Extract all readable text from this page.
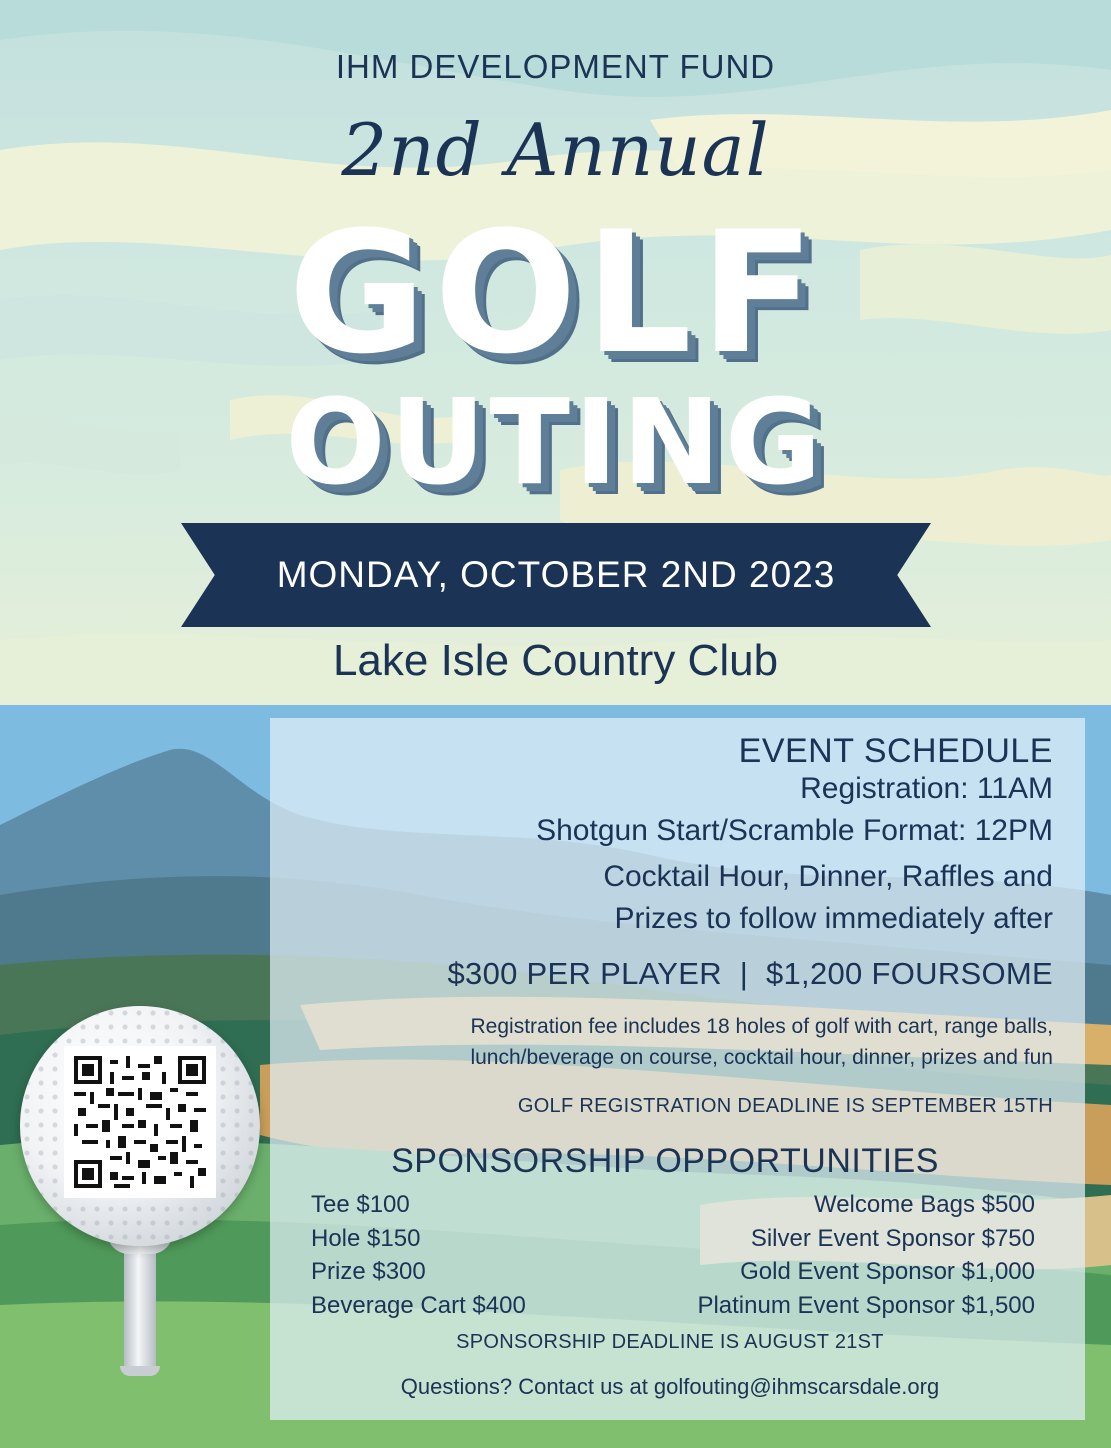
IHM DEVELOPMENT FUND
2nd Annual
GOLF
OUTING
MONDAY, OCTOBER 2ND 2023
Lake Isle Country Club
EVENT SCHEDULE
Registration: 11AM
Shotgun Start/Scramble Format: 12PM
Cocktail Hour, Dinner, Raffles and
Prizes to follow immediately after
$300 PER PLAYER  |  $1,200 FOURSOME
Registration fee includes 18 holes of golf with cart, range balls,
lunch/beverage on course, cocktail hour, dinner, prizes and fun
GOLF REGISTRATION DEADLINE IS SEPTEMBER 15TH
SPONSORSHIP OPPORTUNITIES
Tee $100
Hole $150
Prize $300
Beverage Cart $400
Welcome Bags $500
Silver Event Sponsor $750
Gold Event Sponsor $1,000
Platinum Event Sponsor $1,500
SPONSORSHIP DEADLINE IS AUGUST 21ST
Questions? Contact us at golfouting@ihmscarsdale.org
